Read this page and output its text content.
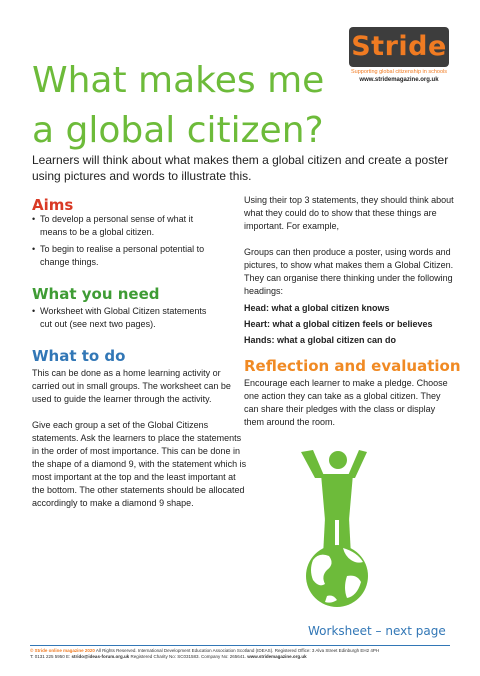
Stride
Supporting global citizenship in schools
www.stridemagazine.org.uk
What makes me
a global citizen?
Learners will think about what makes them a global citizen and create a poster using pictures and words to illustrate this.
Aims
• To develop a personal sense of what it means to be a global citizen.
• To begin to realise a personal potential to change things.
What you need
• Worksheet with Global Citizen statements cut out (see next two pages).
What to do
This can be done as a home learning activity or carried out in small groups. The worksheet can be used to guide the learner through the activity.
Give each group a set of the Global Citizens statements. Ask the learners to place the statements in the order of most importance. This can be done in the shape of a diamond 9, with the statement which is most important at the top and the least important at the bottom. The other statements should be allocated accordingly to make a diamond 9 shape.
Using their top 3 statements, they should think about what they could do to show that these things are important. For example,
Groups can then produce a poster, using words and pictures, to show what makes them a Global Citizen. They can organise there thinking under the following headings:
Head: what a global citizen knows
Heart: what a global citizen feels or believes
Hands: what a global citizen can do
Reflection and evaluation
Encourage each learner to make a pledge. Choose one action they can take as a global citizen. They can share their pledges with the class or display them around the room.
Worksheet – next page
© Stride online magazine 2020 All Rights Reserved. International Development Education Association Scotland (IDEAS). Registered Office: 3 Alva Street Edinburgh EH2 4PH
T: 0131 225 5950 E: strido@ideas-forum.org.uk Registered Charity No: SC031583. Company No: 265641. www.stridemagazine.org.uk
